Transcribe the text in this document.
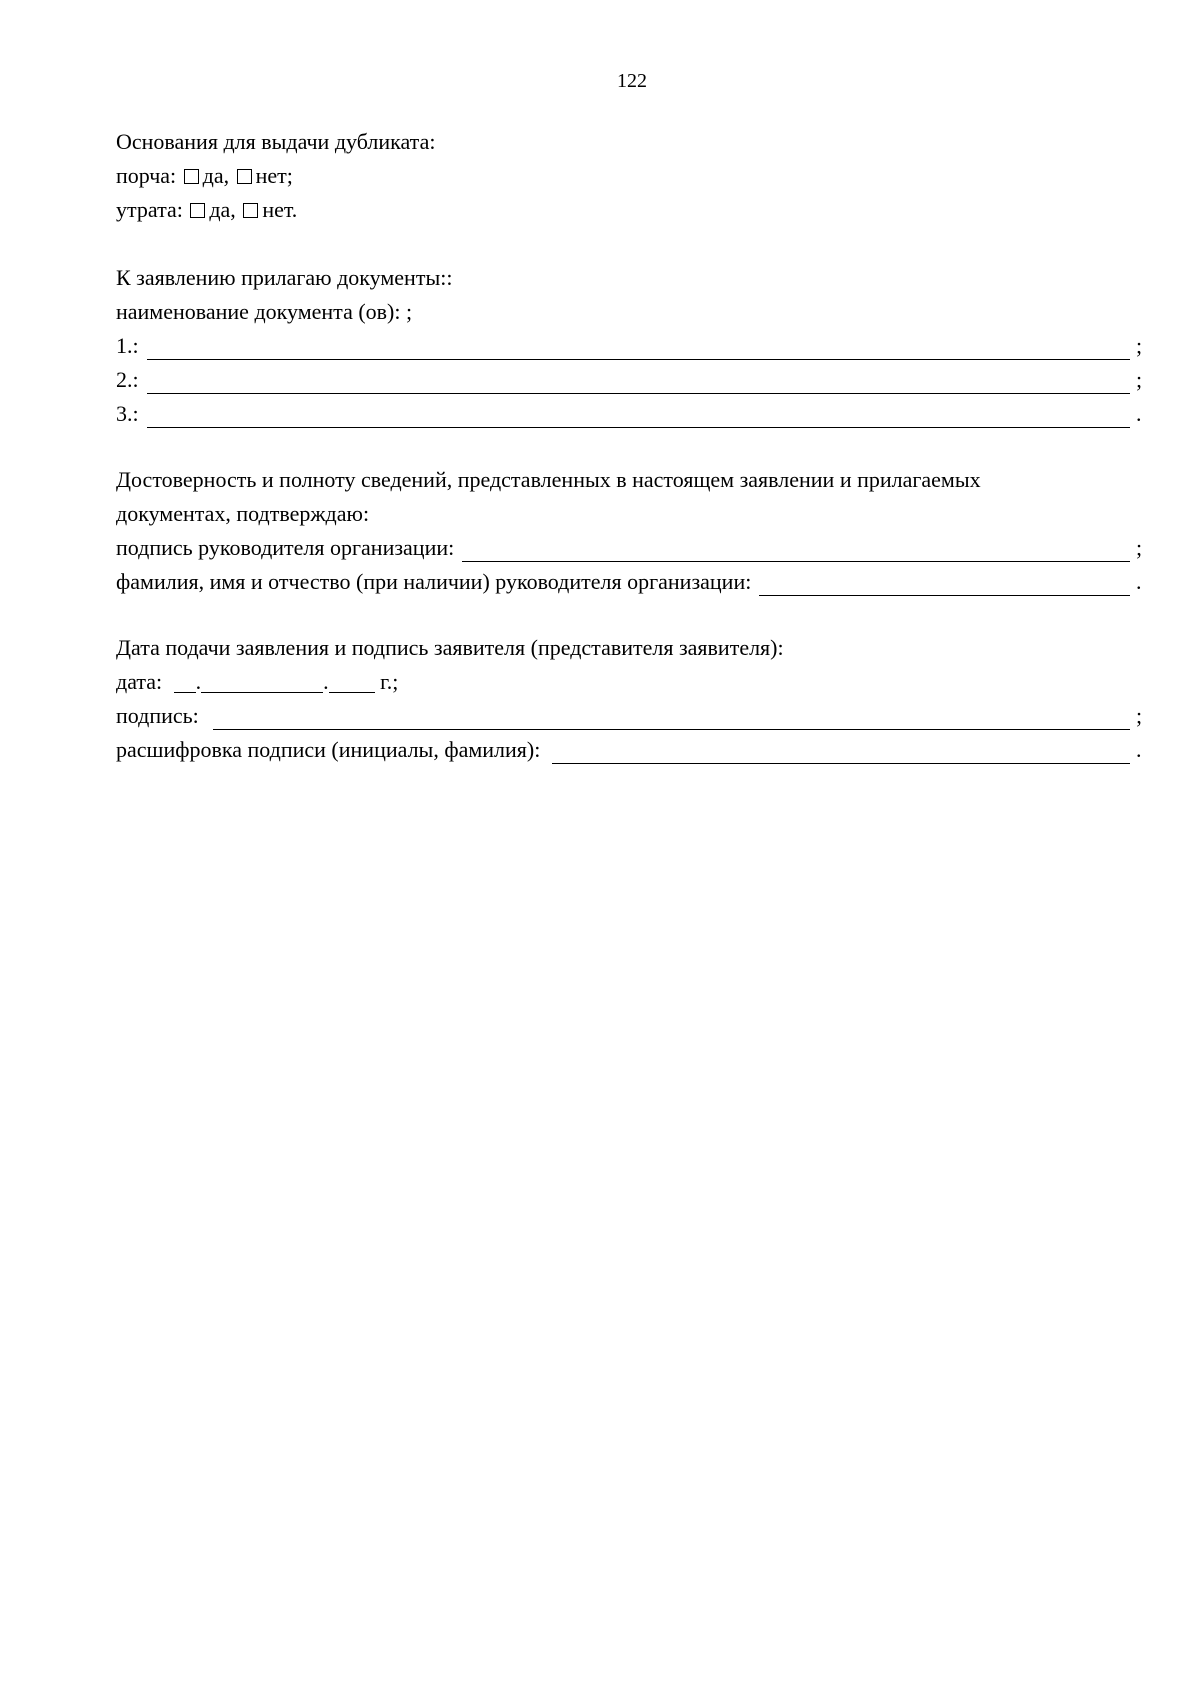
122
Основания для выдачи дубликата:
порча: да, нет;
утрата: да, нет.
К заявлению прилагаю документы::
наименование документа (ов): ;
1.:	;
2.:	;
3.:	.
Достоверность и полноту сведений, представленных в настоящем заявлении и прилагаемых
документах, подтверждаю:
подпись руководителя организации:	;
фамилия, имя и отчество (при наличии) руководителя организации:	.
Дата подачи заявления и подпись заявителя (представителя заявителя):
дата: .	. г.;
подпись:	;
расшифровка подписи (инициалы, фамилия):	.
